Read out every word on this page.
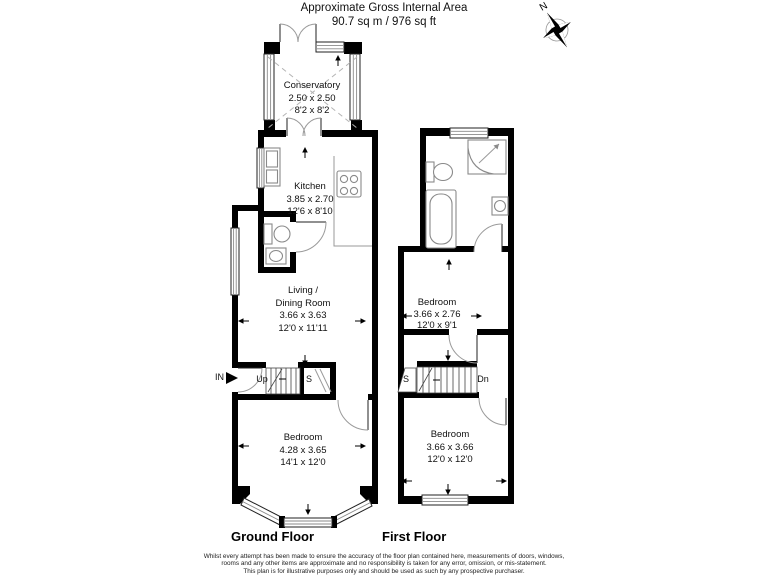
Approximate Gross Internal Area
90.7 sq m / 976 sq ft
N
Conservatory
2.50 x 2.50
8'2 x 8'2
Kitchen
3.85 x 2.70
12'6 x 8'10
Living /
Dining Room
3.66 x 3.63
12'0 x 11'11
Bedroom
4.28 x 3.65
14'1 x 12'0
Bedroom
3.66 x 2.76
12'0 x 9'1
Bedroom
3.66 x 3.66
12'0 x 12'0
IN	Up	S	S	Dn
Ground Floor	First Floor
Whilst every attempt has been made to ensure the accuracy of the floor plan contained here, measurements of doors, windows,
rooms and any other items are approximate and no responsibility is taken for any error, omission, or mis-statement.
This plan is for illustrative purposes only and should be used as such by any prospective purchaser.
